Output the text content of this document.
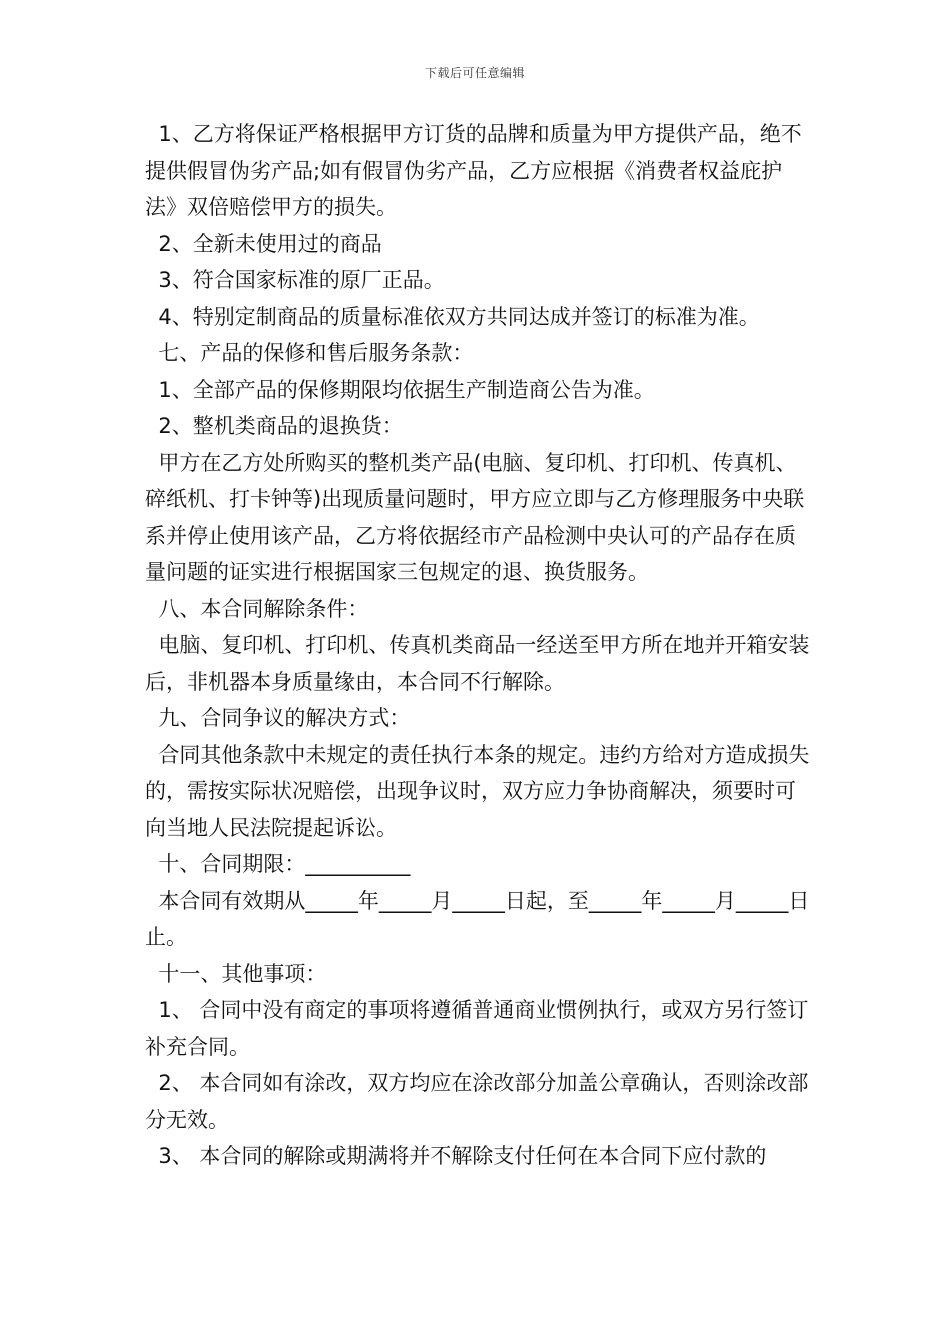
下载后可任意编辑

1、乙方将保证严格根据甲方订货的品牌和质量为甲方提供产品，绝不提供假冒伪劣产品;如有假冒伪劣产品，乙方应根据《消费者权益庇护法》双倍赔偿甲方的损失。

2、全新未使用过的商品

3、符合国家标准的原厂正品。

4、特别定制商品的质量标准依双方共同达成并签订的标准为准。

七、产品的保修和售后服务条款：

1、全部产品的保修期限均依据生产制造商公告为准。

2、整机类商品的退换货：

甲方在乙方处所购买的整机类产品(电脑、复印机、打印机、传真机、碎纸机、打卡钟等)出现质量问题时，甲方应立即与乙方修理服务中央联系并停止使用该产品，乙方将依据经市产品检测中央认可的产品存在质量问题的证实进行根据国家三包规定的退、换货服务。

八、本合同解除条件：

电脑、复印机、打印机、传真机类商品一经送至甲方所在地并开箱安装后，非机器本身质量缘由，本合同不行解除。

九、合同争议的解决方式：

合同其他条款中未规定的责任执行本条的规定。违约方给对方造成损失的，需按实际状况赔偿，出现争议时，双方应力争协商解决，须要时可向当地人民法院提起诉讼。

十、合同期限：__________

本合同有效期从_____年_____月_____日起，至_____年_____月_____日止。

十一、其他事项：

1、 合同中没有商定的事项将遵循普通商业惯例执行，或双方另行签订补充合同。

2、 本合同如有涂改，双方均应在涂改部分加盖公章确认，否则涂改部分无效。

3、 本合同的解除或期满将并不解除支付任何在本合同下应付款的
